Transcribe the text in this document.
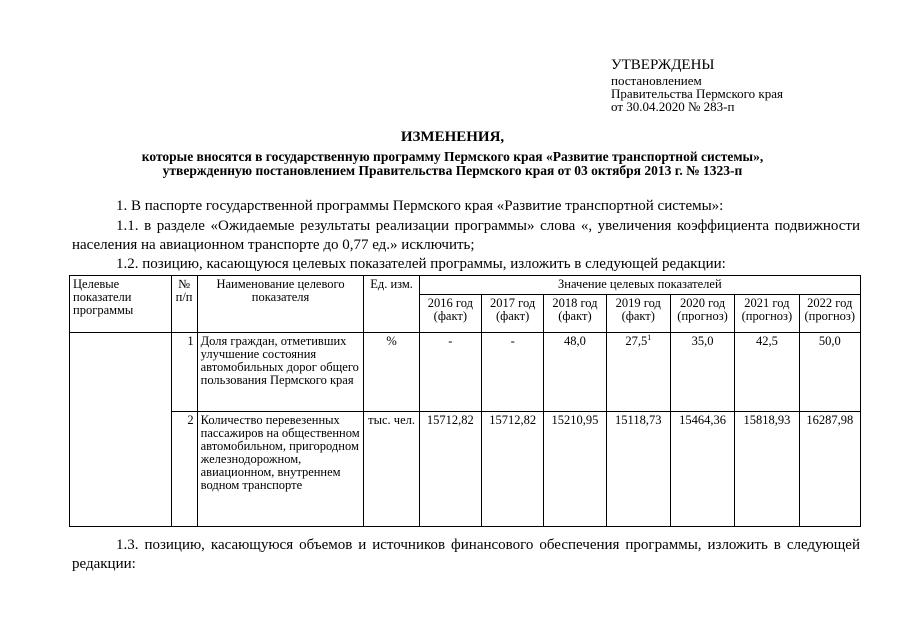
УТВЕРЖДЕНЫ
постановлением
Правительства Пермского края
от 30.04.2020 № 283-п
ИЗМЕНЕНИЯ,
которые вносятся в государственную программу Пермского края «Развитие транспортной системы»,
утвержденную постановлением Правительства Пермского края от 03 октября 2013 г. № 1323-п
1. В паспорте государственной программы Пермского края «Развитие транспортной системы»:
1.1. в разделе «Ожидаемые результаты реализации программы» слова «, увеличения коэффициента подвижности населения на авиационном транспорте до 0,77 ед.» исключить;
1.2. позицию, касающуюся целевых показателей программы, изложить в следующей редакции:
Целевые показатели программы	№ п/п	Наименование целевого показателя	Ед. изм.	Значение целевых показателей						
				2016 год (факт)	2017 год (факт)	2018 год (факт)	2019 год (факт)	2020 год (прогноз)	2021 год (прогноз)	2022 год (прогноз)
	1	Доля граждан, отметивших улучшение состояния автомобильных дорог общего пользования Пермского края	%	-	-	48,0	27,5$^1$	35,0	42,5	50,0
	2	Количество перевезенных пассажиров на общественном автомобильном, пригородном железнодорожном, авиационном, внутреннем водном транспорте	тыс. чел.	15712,82	15712,82	15210,95	15118,73	15464,36	15818,93	16287,98
1.3. позицию, касающуюся объемов и источников финансового обеспечения программы, изложить в следующей редакции:
